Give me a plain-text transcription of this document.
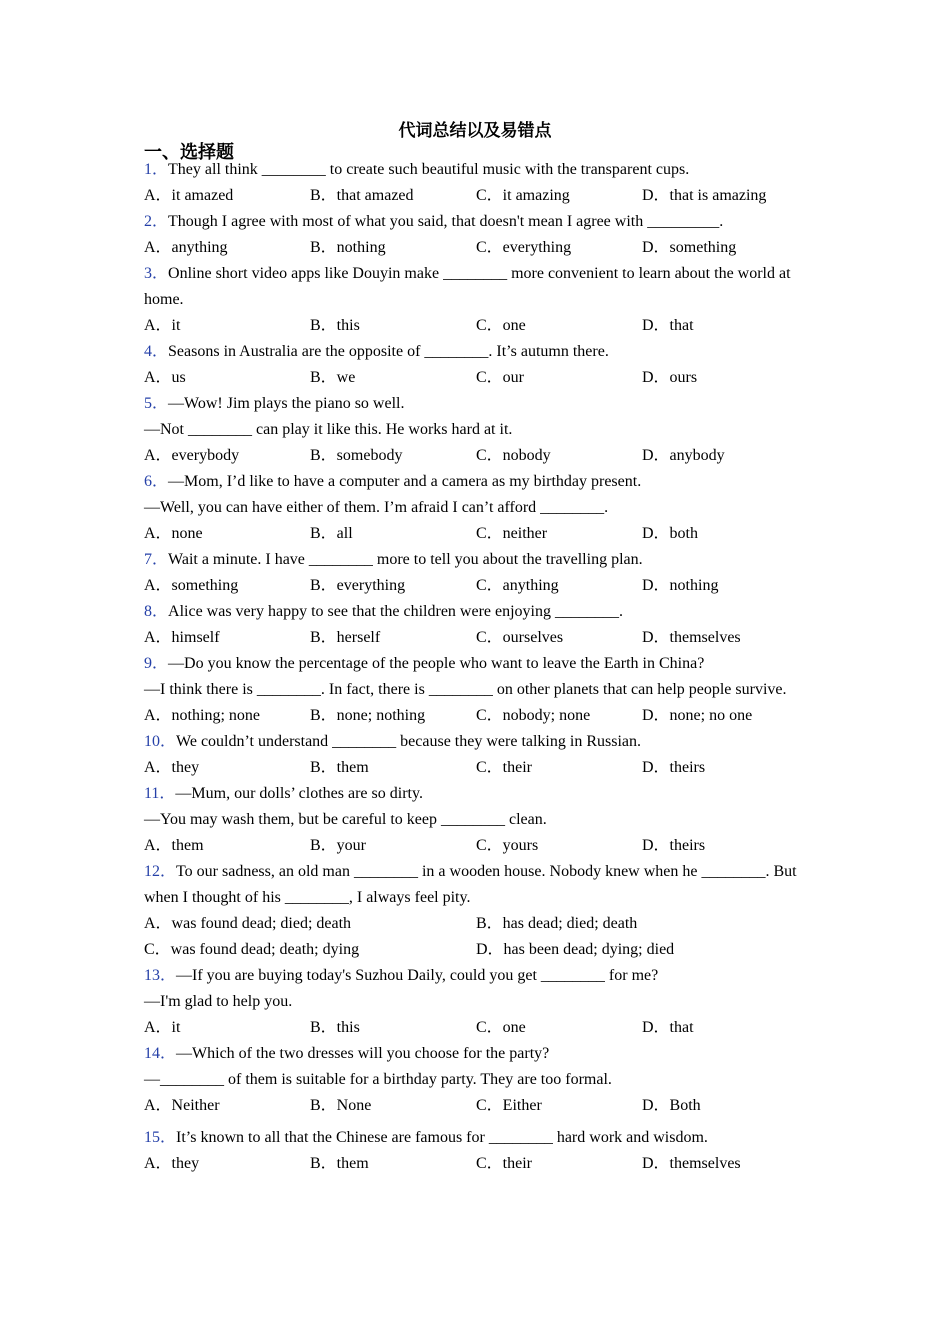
代词总结以及易错点
一、选择题

1．They all think ________ to create such beautiful music with the transparent cups.

A．it amazed	B．that amazed	C．it amazing	D．that is amazing

2．Though I agree with most of what you said, that doesn't mean I agree with _________.

A．anything	B．nothing	C．everything	D．something

3．Online short video apps like Douyin make ________ more convenient to learn about the world at home.

A．it	B．this	C．one	D．that

4．Seasons in Australia are the opposite of ________. It’s autumn there.

A．us	B．we	C．our	D．ours

5．—Wow! Jim plays the piano so well.

—Not ________ can play it like this. He works hard at it.

A．everybody	B．somebody	C．nobody	D．anybody

6．—Mom, I’d like to have a computer and a camera as my birthday present.

—Well, you can have either of them. I’m afraid I can’t afford ________.

A．none	B．all	C．neither	D．both

7．Wait a minute. I have ________ more to tell you about the travelling plan.

A．something	B．everything	C．anything	D．nothing

8．Alice was very happy to see that the children were enjoying ________.

A．himself	B．herself	C．ourselves	D．themselves

9．—Do you know the percentage of the people who want to leave the Earth in China?

—I think there is ________. In fact, there is ________ on other planets that can help people survive.

A．nothing; none	B．none; nothing	C．nobody; none	D．none; no one

10．We couldn’t understand ________ because they were talking in Russian.

A．they	B．them	C．their	D．theirs

11．—Mum, our dolls’ clothes are so dirty.

—You may wash them, but be careful to keep ________ clean.

A．them	B．your	C．yours	D．theirs

12．To our sadness, an old man ________ in a wooden house. Nobody knew when he ________. But when I thought of his ________, I always feel pity.

A．was found dead; died; death	B．has dead; died; death
C．was found dead; death; dying	D．has been dead; dying; died

13．—If you are buying today's Suzhou Daily, could you get ________ for me?

—I'm glad to help you.

A．it	B．this	C．one	D．that

14．—Which of the two dresses will you choose for the party?

—________ of them is suitable for a birthday party. They are too formal.

A．Neither	B．None	C．Either	D．Both

15．It’s known to all that the Chinese are famous for ________ hard work and wisdom.

A．they	B．them	C．their	D．themselves
